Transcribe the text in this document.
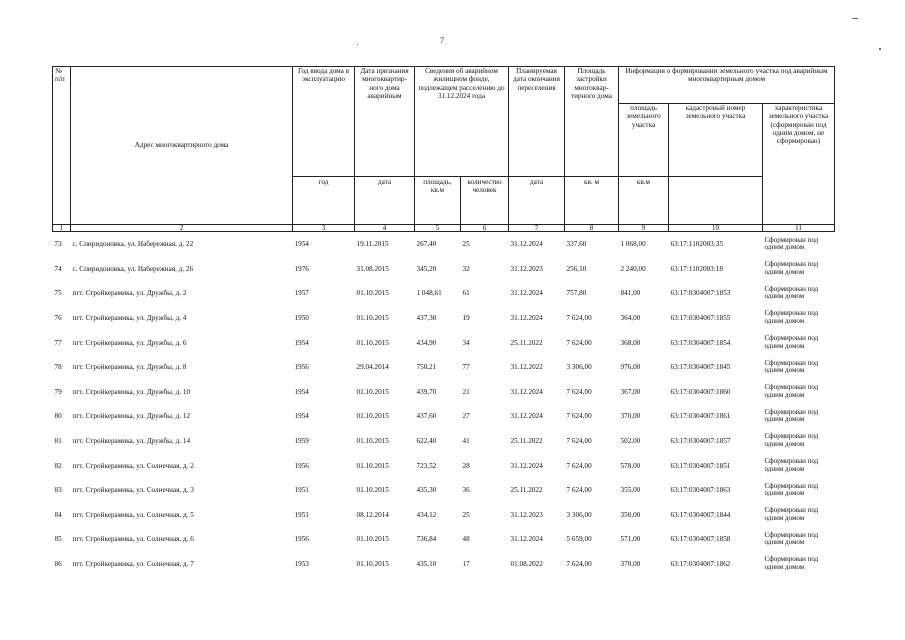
7
№ п/п	Адрес многоквартирного дома	Год ввода дома в эксплуатацию	Дата признания многоквартир-ного дома аварийным	Сведения об аварийном жилищном фонде, подлежащем расселению до 31.12.2024 года		Планируемая дата окончания переселения	Площадь застройки многоквар-тирного дома	Информация о формировании земельного участка под аварийным многоквартирным домом		
								площадь земельного участка	кадастровый номер земельного участка	характеристика земельного участка (сформирован под одним домом, не сформирован)
		год	дата	площадь, кв.м	количество человек	дата	кв. м	кв.м		
1	2	3	4	5	6	7	8	9	10	11
73	с. Спиридоновка, ул. Набережная, д. 22	1954	19.11.2015	267,40	25	31.12.2024	337,60	1 068,00	63:17:1102003:35	Сформирован под одним домом
74	с. Спиридоновка, ул. Набережная, д. 26	1976	31.08.2015	345,20	32	31.12.2023	256,10	2 240,00	63:17:1102003:18	Сформирован под одним домом
75	пгт. Стройкерамика, ул. Дружбы, д. 2	1957	01.10.2015	1 048,61	61	31.12.2024	757,80	841,00	63:17:0304007:1853	Сформирован под одним домом
76	пгт. Стройкерамика, ул. Дружбы, д. 4	1950	01.10.2015	437,30	19	31.12.2024	7 624,00	364,00	63:17:0304007:1855	Сформирован под одним домом
77	пгт. Стройкерамика, ул. Дружбы, д. 6	1954	01.10.2015	434,90	34	25.11.2022	7 624,00	368,00	63:17:0304007:1854	Сформирован под одним домом
78	пгт. Стройкерамика, ул. Дружбы, д. 8	1956	29.04.2014	750,21	77	31.12.2022	3 306,00	976,00	63:17:0304007:1845	Сформирован под одним домом
79	пгт. Стройкерамика, ул. Дружбы, д. 10	1954	01.10.2015	439,70	21	31.12.2024	7 624,00	367,00	63:17:0304007:1860	Сформирован под одним домом
80	пгт. Стройкерамика, ул. Дружбы, д. 12	1954	01.10.2015	437,60	27	31.12.2024	7 624,00	370,00	63:17:0304007:1861	Сформирован под одним домом
81	пгт. Стройкерамика, ул. Дружбы, д. 14	1959	01.10.2015	622,40	41	25.11.2022	7 624,00	502,00	63:17:0304007:1857	Сформирован под одним домом
82	пгт. Стройкерамика, ул. Солнечная, д. 2	1956	01.10.2015	723,52	28	31.12.2024	7 624,00	578,00	63:17:0304007:1851	Сформирован под одним домом
83	пгт. Стройкерамика, ул. Солнечная, д. 3	1951	01.10.2015	435,30	36	25.11.2022	7 624,00	355,00	63:17:0304007:1863	Сформирован под одним домом
84	пгт. Стройкерамика, ул. Солнечная, д. 5	1951	08.12.2014	434,12	25	31.12.2023	3 306,00	350,00	63:17:0304007:1844	Сформирован под одним домом
85	пгт. Стройкерамика, ул. Солнечная, д. 6	1956	01.10.2015	736,84	48	31.12.2024	5 659,00	571,00	63:17:0304007:1858	Сформирован под одним домом
86	пгт. Стройкерамика, ул. Солнечная, д. 7	1953	01.10.2015	435,10	17	01.08.2022	7 624,00	370,00	63:17:0304007:1862	Сформирован под одним домом
